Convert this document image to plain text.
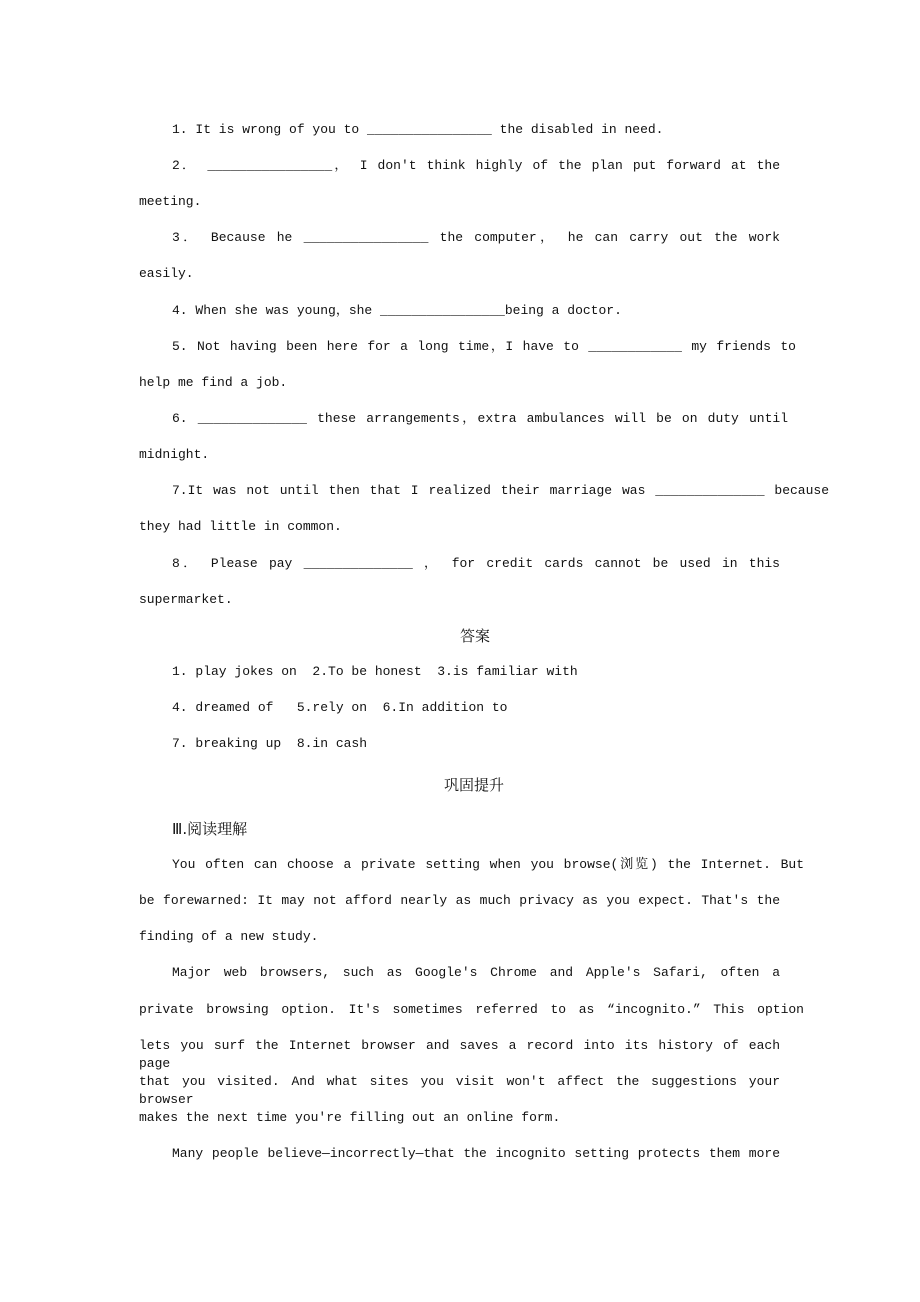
1. It is wrong of you to ________________ the disabled in need.
2． ________________， I don't think highly of the plan put forward at the
meeting.
3． Because he ________________ the computer， he can carry out the work
easily.
4. When she was young，she ________________being a doctor.
5. Not having been here for a long time，I have to ____________ my friends to
help me find a job.
6. ______________ these arrangements，extra ambulances will be on duty until
midnight.
7.It was not until then that I realized their marriage was ______________ because
they had little in common.
8． Please pay ______________ ， for credit cards cannot be used in this
supermarket.
答案
1. play jokes on  2.To be honest  3.is familiar with
4. dreamed of   5.rely on  6.In addition to
7. breaking up  8.in cash
巩固提升
Ⅲ.阅读理解
You often can choose a private setting when you browse(浏览) the Internet. But
be forewarned: It may not afford nearly as much privacy as you expect. That's the
finding of a new study.
Major web browsers, such as Google's Chrome and Apple's Safari, often a
private browsing option. It's sometimes referred to as “incognito.” This option
lets you surf the Internet browser and saves a record into its history of each page
that you visited. And what sites you visit won't affect the suggestions your browser
makes the next time you're filling out an online form.
Many people believe—incorrectly—that the incognito setting protects them more
